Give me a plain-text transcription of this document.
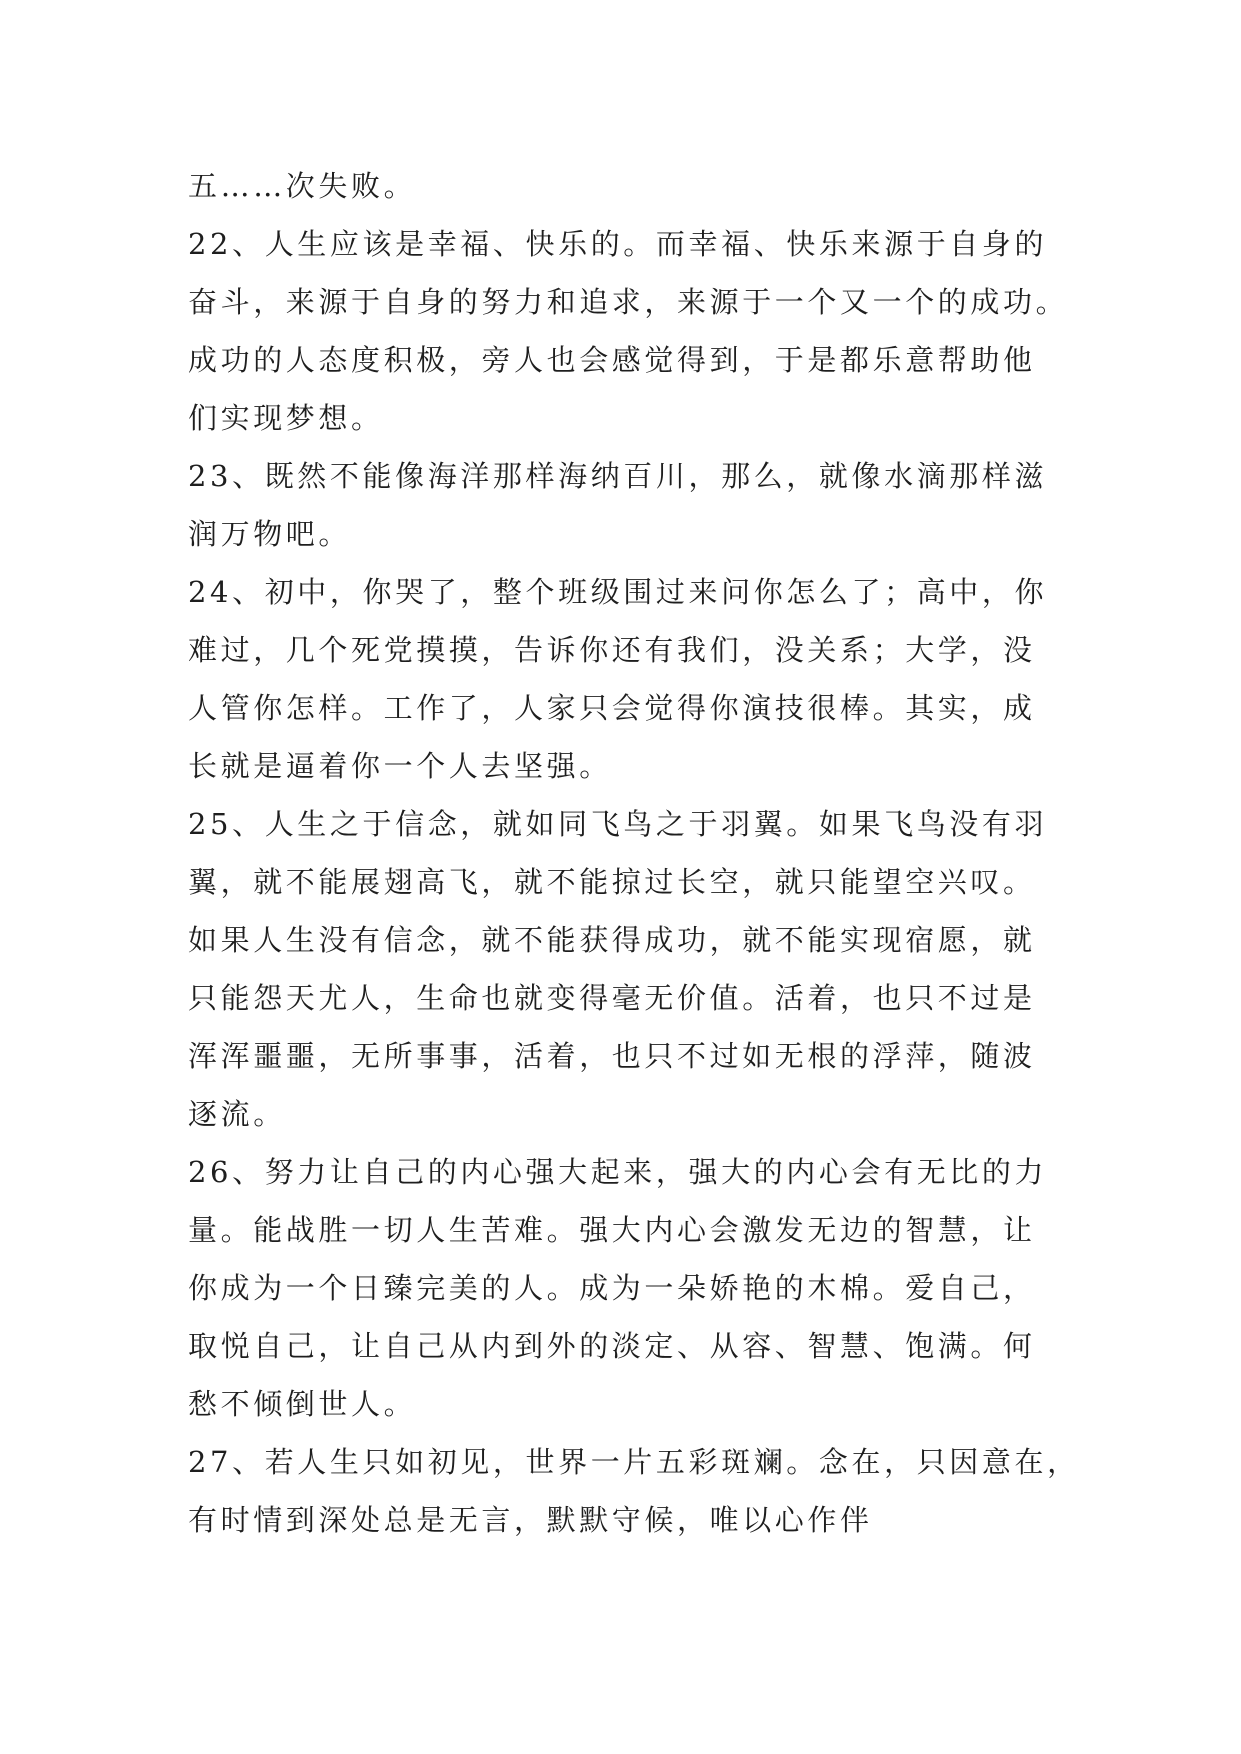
五……次失败。
22、人生应该是幸福、快乐的。而幸福、快乐来源于自身的
奋斗，来源于自身的努力和追求，来源于一个又一个的成功。
成功的人态度积极，旁人也会感觉得到，于是都乐意帮助他
们实现梦想。
23、既然不能像海洋那样海纳百川，那么，就像水滴那样滋
润万物吧。
24、初中，你哭了，整个班级围过来问你怎么了；高中，你
难过，几个死党摸摸，告诉你还有我们，没关系；大学，没
人管你怎样。工作了，人家只会觉得你演技很棒。其实，成
长就是逼着你一个人去坚强。
25、人生之于信念，就如同飞鸟之于羽翼。如果飞鸟没有羽
翼，就不能展翅高飞，就不能掠过长空，就只能望空兴叹。
如果人生没有信念，就不能获得成功，就不能实现宿愿，就
只能怨天尤人，生命也就变得毫无价值。活着，也只不过是
浑浑噩噩，无所事事，活着，也只不过如无根的浮萍，随波
逐流。
26、努力让自己的内心强大起来，强大的内心会有无比的力
量。能战胜一切人生苦难。强大内心会激发无边的智慧，让
你成为一个日臻完美的人。成为一朵娇艳的木棉。爱自己，
取悦自己，让自己从内到外的淡定、从容、智慧、饱满。何
愁不倾倒世人。
27、若人生只如初见，世界一片五彩斑斓。念在，只因意在，
有时情到深处总是无言，默默守候，唯以心作伴
